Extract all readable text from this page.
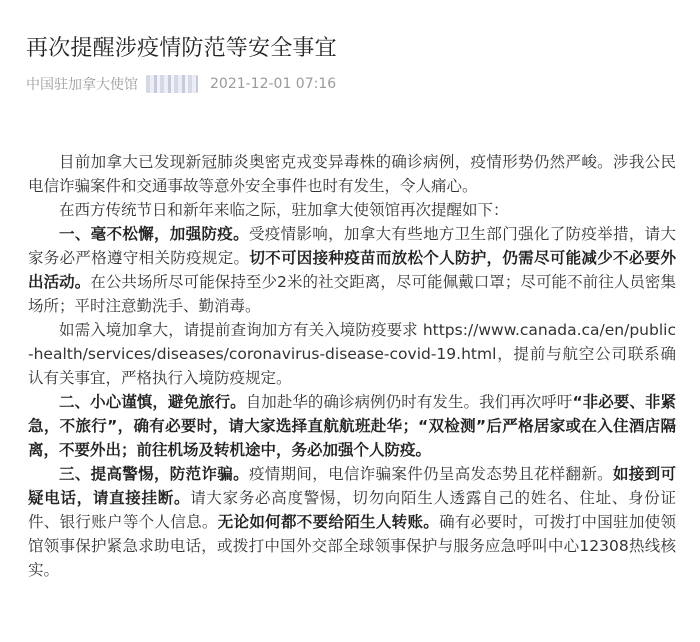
再次提醒涉疫情防范等安全事宜
中国驻加拿大使馆	2021-12-01 07:16

目前加拿大已发现新冠肺炎奥密克戎变异毒株的确诊病例，疫情形势仍然严峻。涉我公民电信诈骗案件和交通事故等意外安全事件也时有发生，令人痛心。

在西方传统节日和新年来临之际，驻加拿大使领馆再次提醒如下：

一、毫不松懈，加强防疫。受疫情影响，加拿大有些地方卫生部门强化了防疫举措，请大家务必严格遵守相关防疫规定。切不可因接种疫苗而放松个人防护，仍需尽可能减少不必要外出活动。在公共场所尽可能保持至少2米的社交距离，尽可能佩戴口罩；尽可能不前往人员密集场所；平时注意勤洗手、勤消毒。

如需入境加拿大，请提前查询加方有关入境防疫要求 https://www.canada.ca/en/public-health/services/diseases/coronavirus-disease-covid-19.html，提前与航空公司联系确认有关事宜，严格执行入境防疫规定。

二、小心谨慎，避免旅行。自加赴华的确诊病例仍时有发生。我们再次呼吁“非必要、非紧急，不旅行”，确有必要时，请大家选择直航航班赴华；“双检测”后严格居家或在入住酒店隔离，不要外出；前往机场及转机途中，务必加强个人防疫。

三、提高警惕，防范诈骗。疫情期间，电信诈骗案件仍呈高发态势且花样翻新。如接到可疑电话，请直接挂断。请大家务必高度警惕，切勿向陌生人透露自己的姓名、住址、身份证件、银行账户等个人信息。无论如何都不要给陌生人转账。确有必要时，可拨打中国驻加使领馆领事保护紧急求助电话，或拨打中国外交部全球领事保护与服务应急呼叫中心12308热线核实。
